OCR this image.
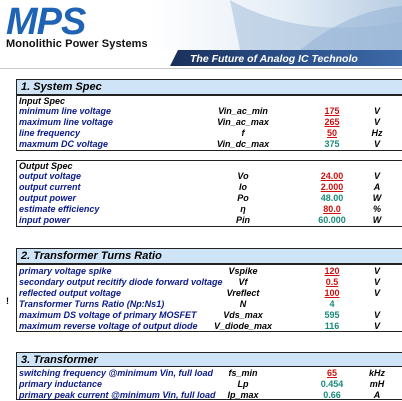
MPS
Monolithic Power Systems
The Future of Analog IC Technolo
1. System Spec
Input Spec
minimum line voltage	Vin_ac_min	175	V
maximum line voltage	Vin_ac_max	265	V
line frequency	f	50	Hz
maxmum DC voltage	Vin_dc_max	375	V
Output Spec
output voltage	Vo	24.00	V
output current	Io	2.000	A
output power	Po	48.00	W
estimate efficiency	η	80.0	%
input power	Pin	60.000	W
2. Transformer Turns Ratio
!
primary voltage spike	Vspike	120	V
secondary output recitify diode forward voltage	Vf	0.5	V
reflected output voltage	Vreflect	100	V
Transformer Turns Ratio (Np:Ns1)	N	4
maximum DS voltage of primary MOSFET	Vds_max	595	V
maximum reverse voltage of output diode	V_diode_max	116	V
3. Transformer
switching frequency @minimum Vin, full load	fs_min	65	kHz
primary inductance	Lp	0.454	mH
primary peak current @minimum Vin, full load	Ip_max	0.66	A
